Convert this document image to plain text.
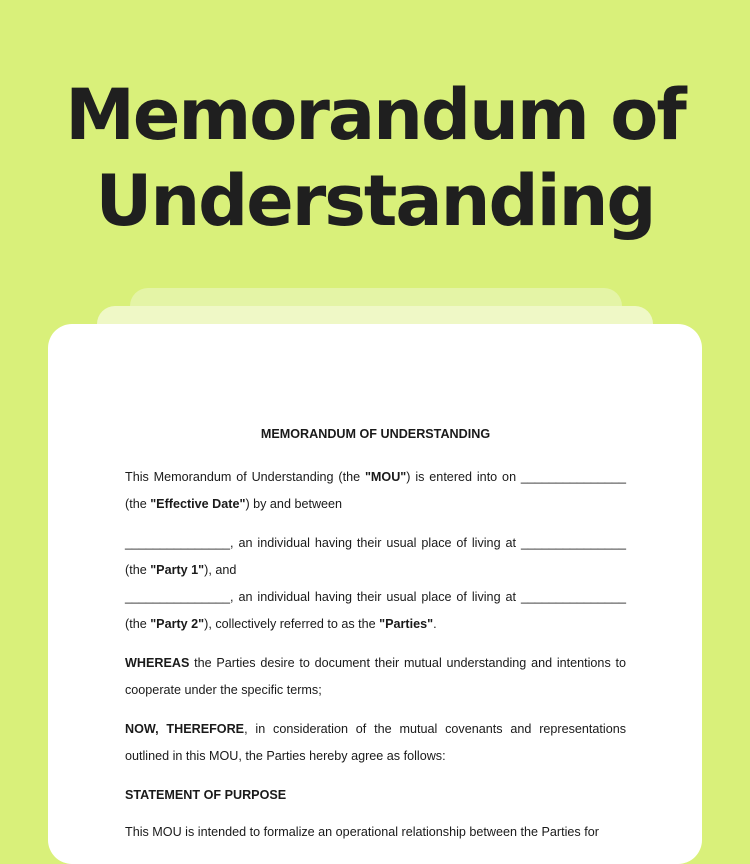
Memorandum of
Understanding
MEMORANDUM OF UNDERSTANDING

This Memorandum of Understanding (the "MOU") is entered into on _______________ (the "Effective Date") by and between

_______________, an individual having their usual place of living at _______________ (the "Party 1"), and

_______________, an individual having their usual place of living at _______________ (the "Party 2"), collectively referred to as the "Parties".

WHEREAS the Parties desire to document their mutual understanding and intentions to cooperate under the specific terms;

NOW, THEREFORE, in consideration of the mutual covenants and representations outlined in this MOU, the Parties hereby agree as follows:

STATEMENT OF PURPOSE

This MOU is intended to formalize an operational relationship between the Parties for
